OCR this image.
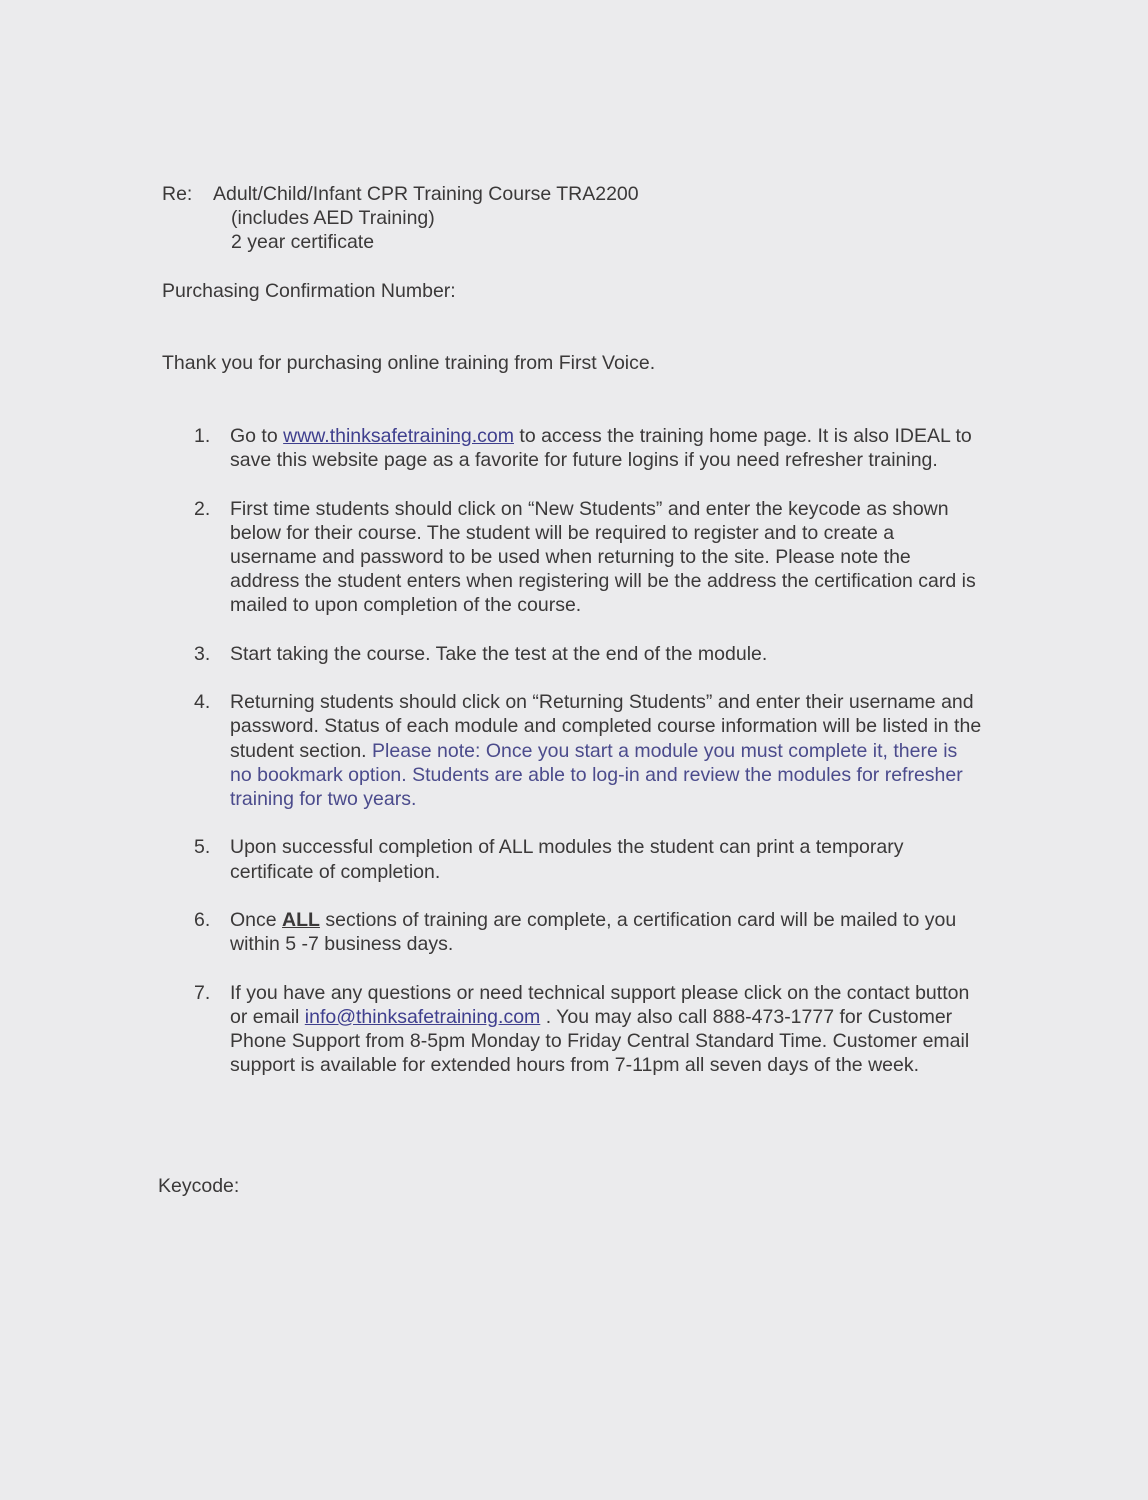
Re: Adult/Child/Infant CPR Training Course TRA2200
(includes AED Training)
2 year certificate
Purchasing Confirmation Number:
Thank you for purchasing online training from First Voice.
1.	Go to www.thinksafetraining.com to access the training home page. It is also IDEAL to save this website page as a favorite for future logins if you need refresher training.
2.	First time students should click on “New Students” and enter the keycode as shown below for their course. The student will be required to register and to create a username and password to be used when returning to the site. Please note the address the student enters when registering will be the address the certification card is mailed to upon completion of the course.
3.	Start taking the course. Take the test at the end of the module.
4.	Returning students should click on “Returning Students” and enter their username and password. Status of each module and completed course information will be listed in the student section. Please note: Once you start a module you must complete it, there is no bookmark option. Students are able to log-in and review the modules for refresher training for two years.
5.	Upon successful completion of ALL modules the student can print a temporary certificate of completion.
6.	Once ALL sections of training are complete, a certification card will be mailed to you within 5 -7 business days.
7.	If you have any questions or need technical support please click on the contact button or email info@thinksafetraining.com . You may also call 888-473-1777 for Customer Phone Support from 8-5pm Monday to Friday Central Standard Time. Customer email support is available for extended hours from 7-11pm all seven days of the week.
Keycode:
